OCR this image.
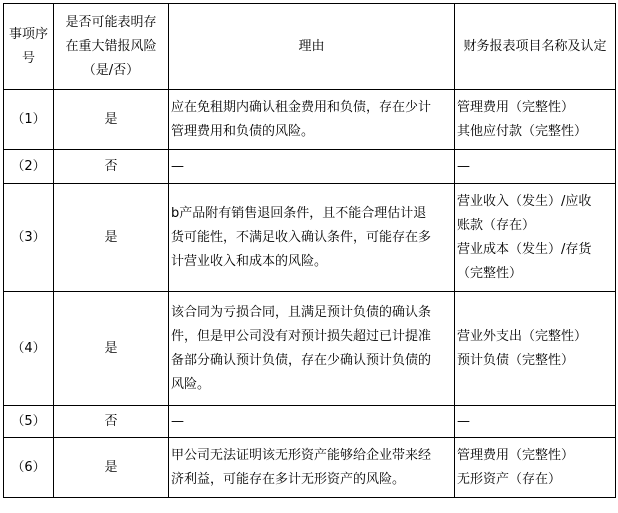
事项序
号	是否可能表明存
在重大错报风险
（是/否）	理由	财务报表项目名称及认定
（1）	是	应在免租期内确认租金费用和负债，存在少计
管理费用和负债的风险。	管理费用（完整性）
其他应付款（完整性）

（2）	否	—	—

（3）	是	b产品附有销售退回条件，且不能合理估计退
货可能性，不满足收入确认条件，可能存在多
计营业收入和成本的风险。	营业收入（发生）/应收
账款（存在）
营业成本（发生）/存货
（完整性）

（4）	是	该合同为亏损合同，且满足预计负债的确认条
件，但是甲公司没有对预计损失超过已计提准
备部分确认预计负债，存在少确认预计负债的
风险。	营业外支出（完整性）
预计负债（完整性）

（5）	否	—	—

（6）	是	甲公司无法证明该无形资产能够给企业带来经
济利益，可能存在多计无形资产的风险。	管理费用（完整性）
无形资产（存在）
